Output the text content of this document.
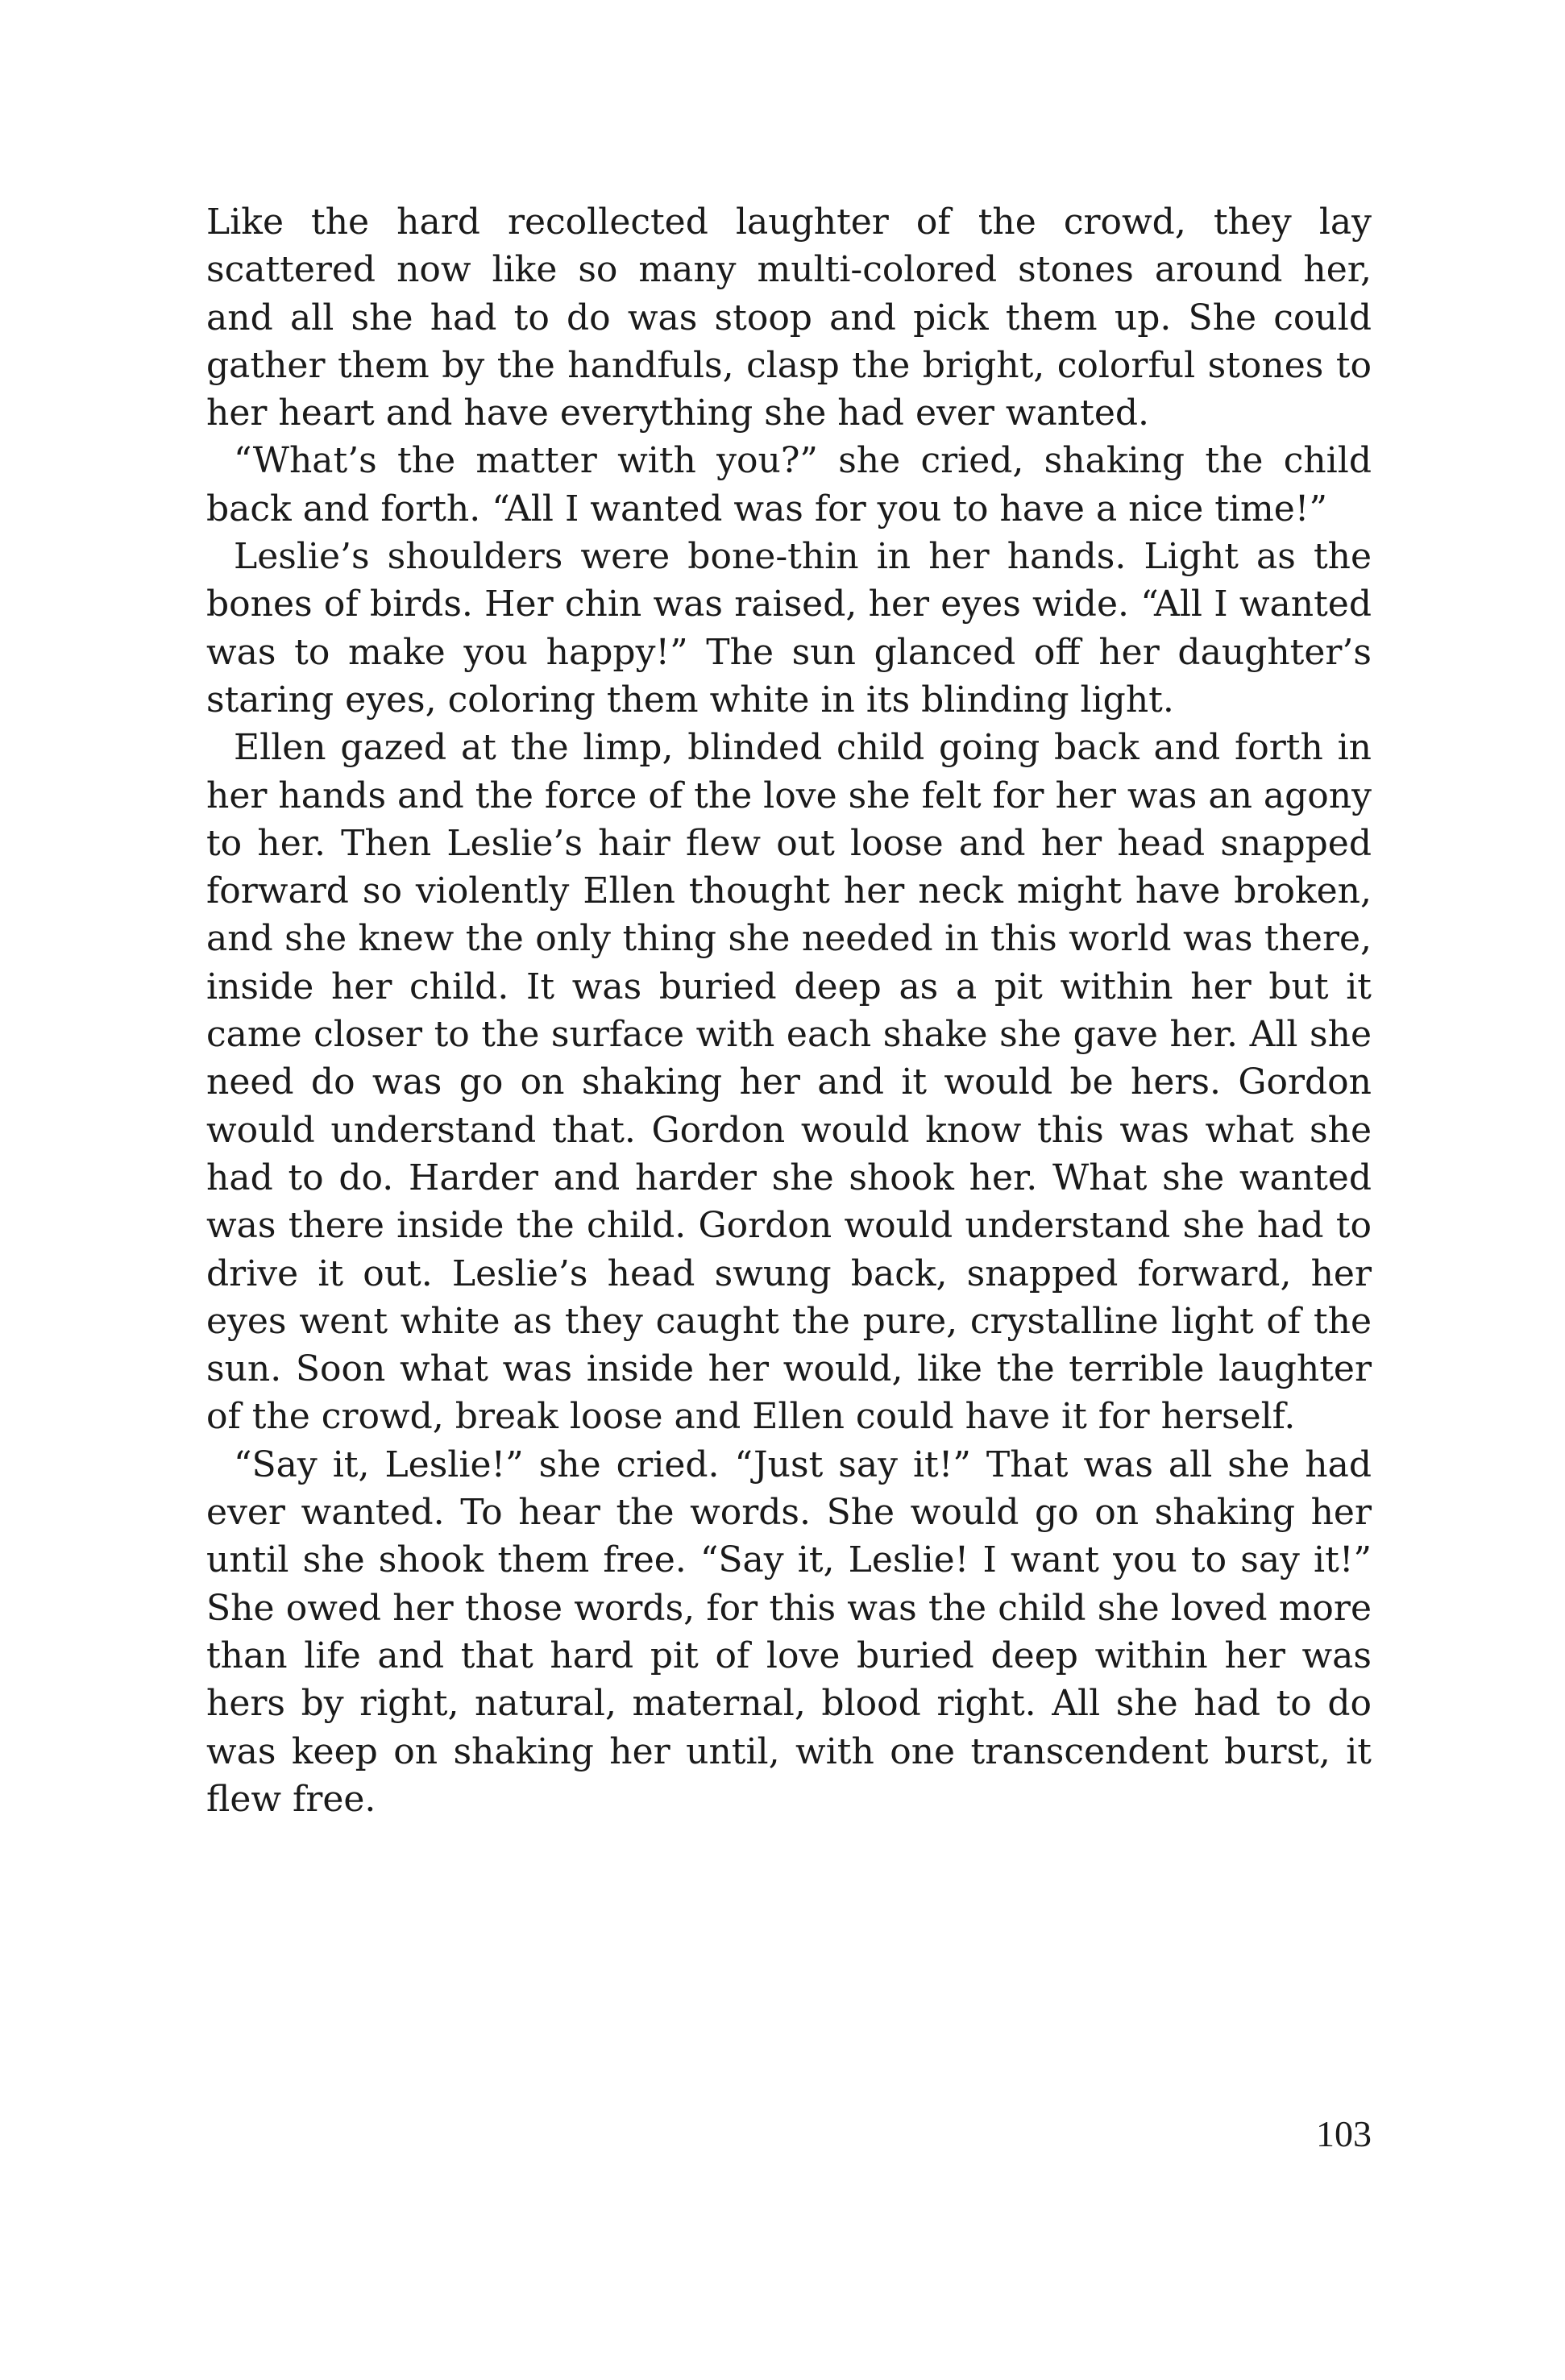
Like the hard recollected laughter of the crowd, they lay scattered now like so many multi-colored stones around her, and all she had to do was stoop and pick them up. She could gather them by the handfuls, clasp the bright, colorful stones to her heart and have everything she had ever wanted.

“What’s the matter with you?” she cried, shaking the child back and forth. “All I wanted was for you to have a nice time!”

Leslie’s shoulders were bone-thin in her hands. Light as the bones of birds. Her chin was raised, her eyes wide. “All I wanted was to make you happy!” The sun glanced off her daughter’s staring eyes, coloring them white in its blinding light.

Ellen gazed at the limp, blinded child going back and forth in her hands and the force of the love she felt for her was an agony to her. Then Leslie’s hair flew out loose and her head snapped forward so violently Ellen thought her neck might have broken, and she knew the only thing she needed in this world was there, inside her child. It was buried deep as a pit within her but it came closer to the surface with each shake she gave her. All she need do was go on shaking her and it would be hers. Gordon would understand that. Gordon would know this was what she had to do. Harder and harder she shook her. What she wanted was there inside the child. Gordon would understand she had to drive it out. Leslie’s head swung back, snapped forward, her eyes went white as they caught the pure, crystalline light of the sun. Soon what was inside her would, like the terrible laughter of the crowd, break loose and Ellen could have it for herself.

“Say it, Leslie!” she cried. “Just say it!” That was all she had ever wanted. To hear the words. She would go on shaking her until she shook them free. “Say it, Leslie! I want you to say it!” She owed her those words, for this was the child she loved more than life and that hard pit of love buried deep within her was hers by right, natural, maternal, blood right. All she had to do was keep on shaking her until, with one transcendent burst, it flew free.

103
